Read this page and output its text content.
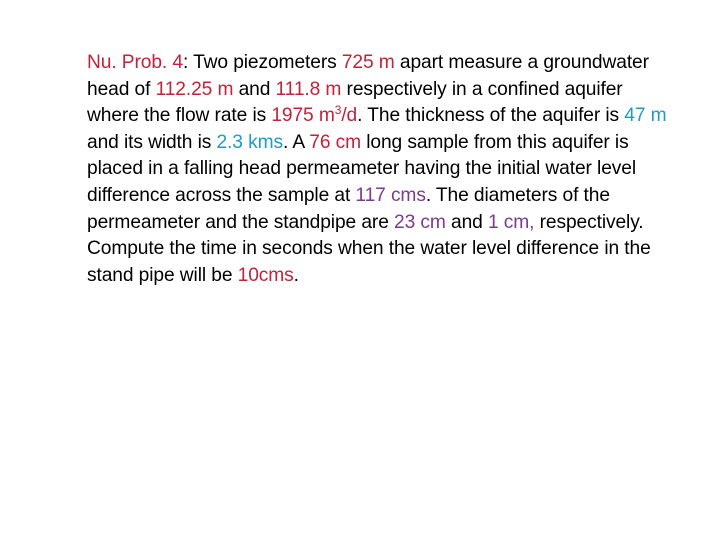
Nu. Prob. 4: Two piezometers 725 m apart measure a groundwater head of 112.25 m and 111.8 m respectively in a confined aquifer where the flow rate is 1975 $m^3/d$. The thickness of the aquifer is 47 m and its width is 2.3 kms. A 76 cm long sample from this aquifer is placed in a falling head permeameter having the initial water level difference across the sample at 117 cms. The diameters of the permeameter and the standpipe are 23 cm and 1 cm, respectively. Compute the time in seconds when the water level difference in the stand pipe will be 10cms.
